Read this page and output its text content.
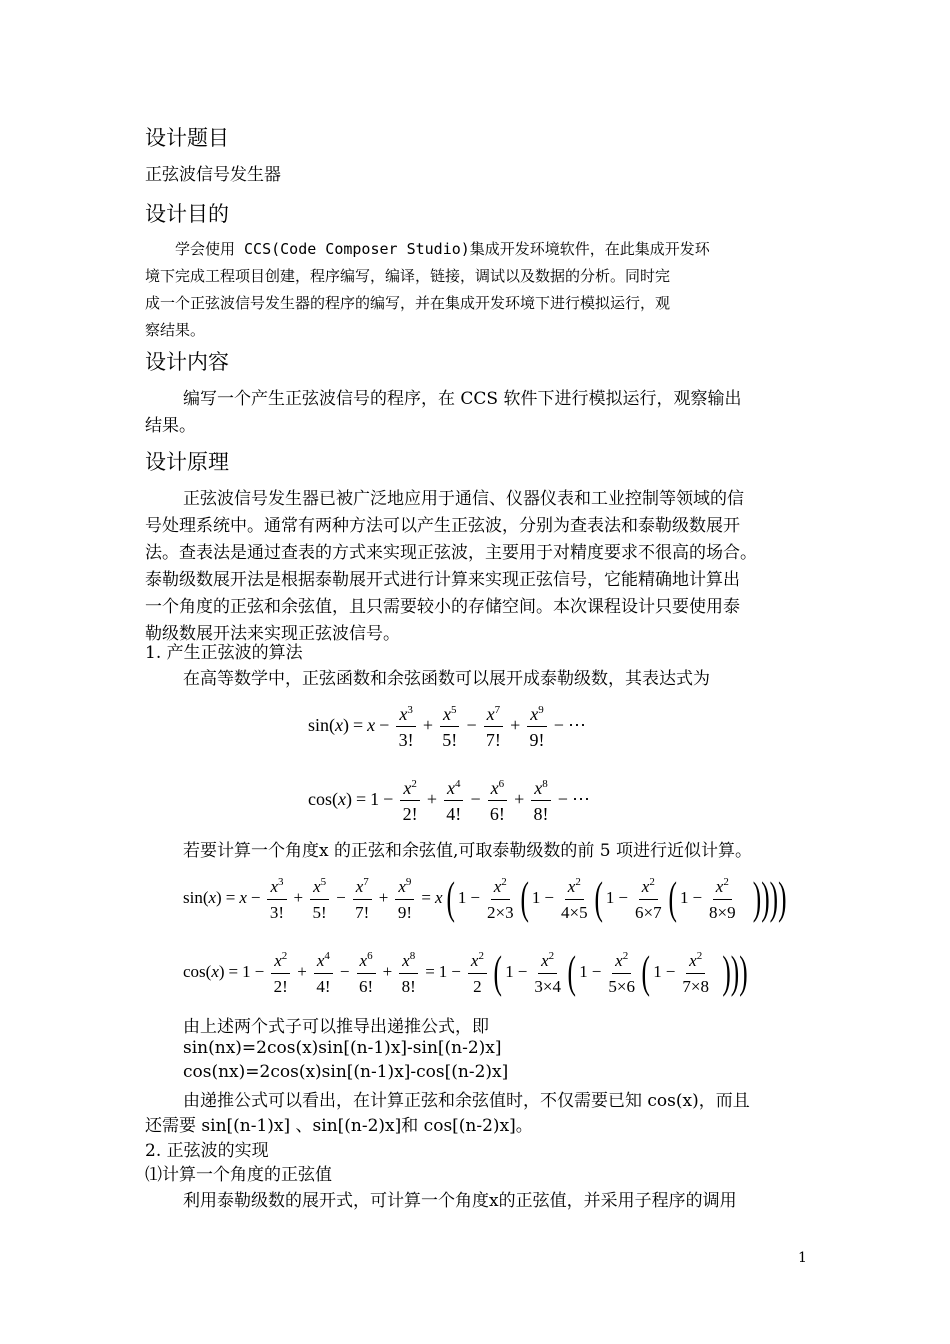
设计题目
正弦波信号发生器
设计目的
学会使用 CCS(Code Composer Studio)集成开发环境软件，在此集成开发环
境下完成工程项目创建，程序编写，编译，链接，调试以及数据的分析。同时完
成一个正弦波信号发生器的程序的编写，并在集成开发环境下进行模拟运行，观
察结果。
设计内容
编写一个产生正弦波信号的程序，在 CCS 软件下进行模拟运行，观察输出
结果。
设计原理
正弦波信号发生器已被广泛地应用于通信、仪器仪表和工业控制等领域的信
号处理系统中。通常有两种方法可以产生正弦波，分别为查表法和泰勒级数展开
法。查表法是通过查表的方式来实现正弦波，主要用于对精度要求不很高的场合。
泰勒级数展开法是根据泰勒展开式进行计算来实现正弦信号，它能精确地计算出
一个角度的正弦和余弦值，且只需要较小的存储空间。本次课程设计只要使用泰
勒级数展开法来实现正弦波信号。
1. 产生正弦波的算法
在高等数学中，正弦函数和余弦函数可以展开成泰勒级数，其表达式为
$\sin(x) = x - \frac{x^3}{3!} + \frac{x^5}{5!} - \frac{x^7}{7!} + \frac{x^9}{9!}$ − ⋯
$\cos(x) = 1 - \frac{x^2}{2!} + \frac{x^4}{4!} - \frac{x^6}{6!} + \frac{x^8}{8!}$ − ⋯
若要计算一个角度x 的正弦和余弦值,可取泰勒级数的前 5 项进行近似计算。
$\sin(x) = x - \frac{x^3}{3!} + \frac{x^5}{5!} - \frac{x^7}{7!} + \frac{x^9}{9!} = x$ ( $1 - \frac{x^2}{2\times 3}$ ( $1 - \frac{x^2}{4\times 5}$ ( $1 - \frac{x^2}{6\times 7}$ ( $1 - \frac{x^2}{8\times 9}$ ))))
$\cos(x) = 1 - \frac{x^2}{2!} + \frac{x^4}{4!} - \frac{x^6}{6!} + \frac{x^8}{8!} = 1 - \frac{x^2}{2}$ ( $1 - \frac{x^2}{3\times 4}$ ( $1 - \frac{x^2}{5\times 6}$ ( $1 - \frac{x^2}{7\times 8}$ )))
由上述两个式子可以推导出递推公式，即
sin(nx)=2cos(x)sin[(n-1)x]-sin[(n-2)x]
cos(nx)=2cos(x)sin[(n-1)x]-cos[(n-2)x]
由递推公式可以看出，在计算正弦和余弦值时，不仅需要已知 cos(x)，而且
还需要 sin[(n-1)x] 、sin[(n-2)x]和 cos[(n-2)x]。
2. 正弦波的实现
⑴计算一个角度的正弦值
利用泰勒级数的展开式，可计算一个角度x的正弦值，并采用子程序的调用
1
